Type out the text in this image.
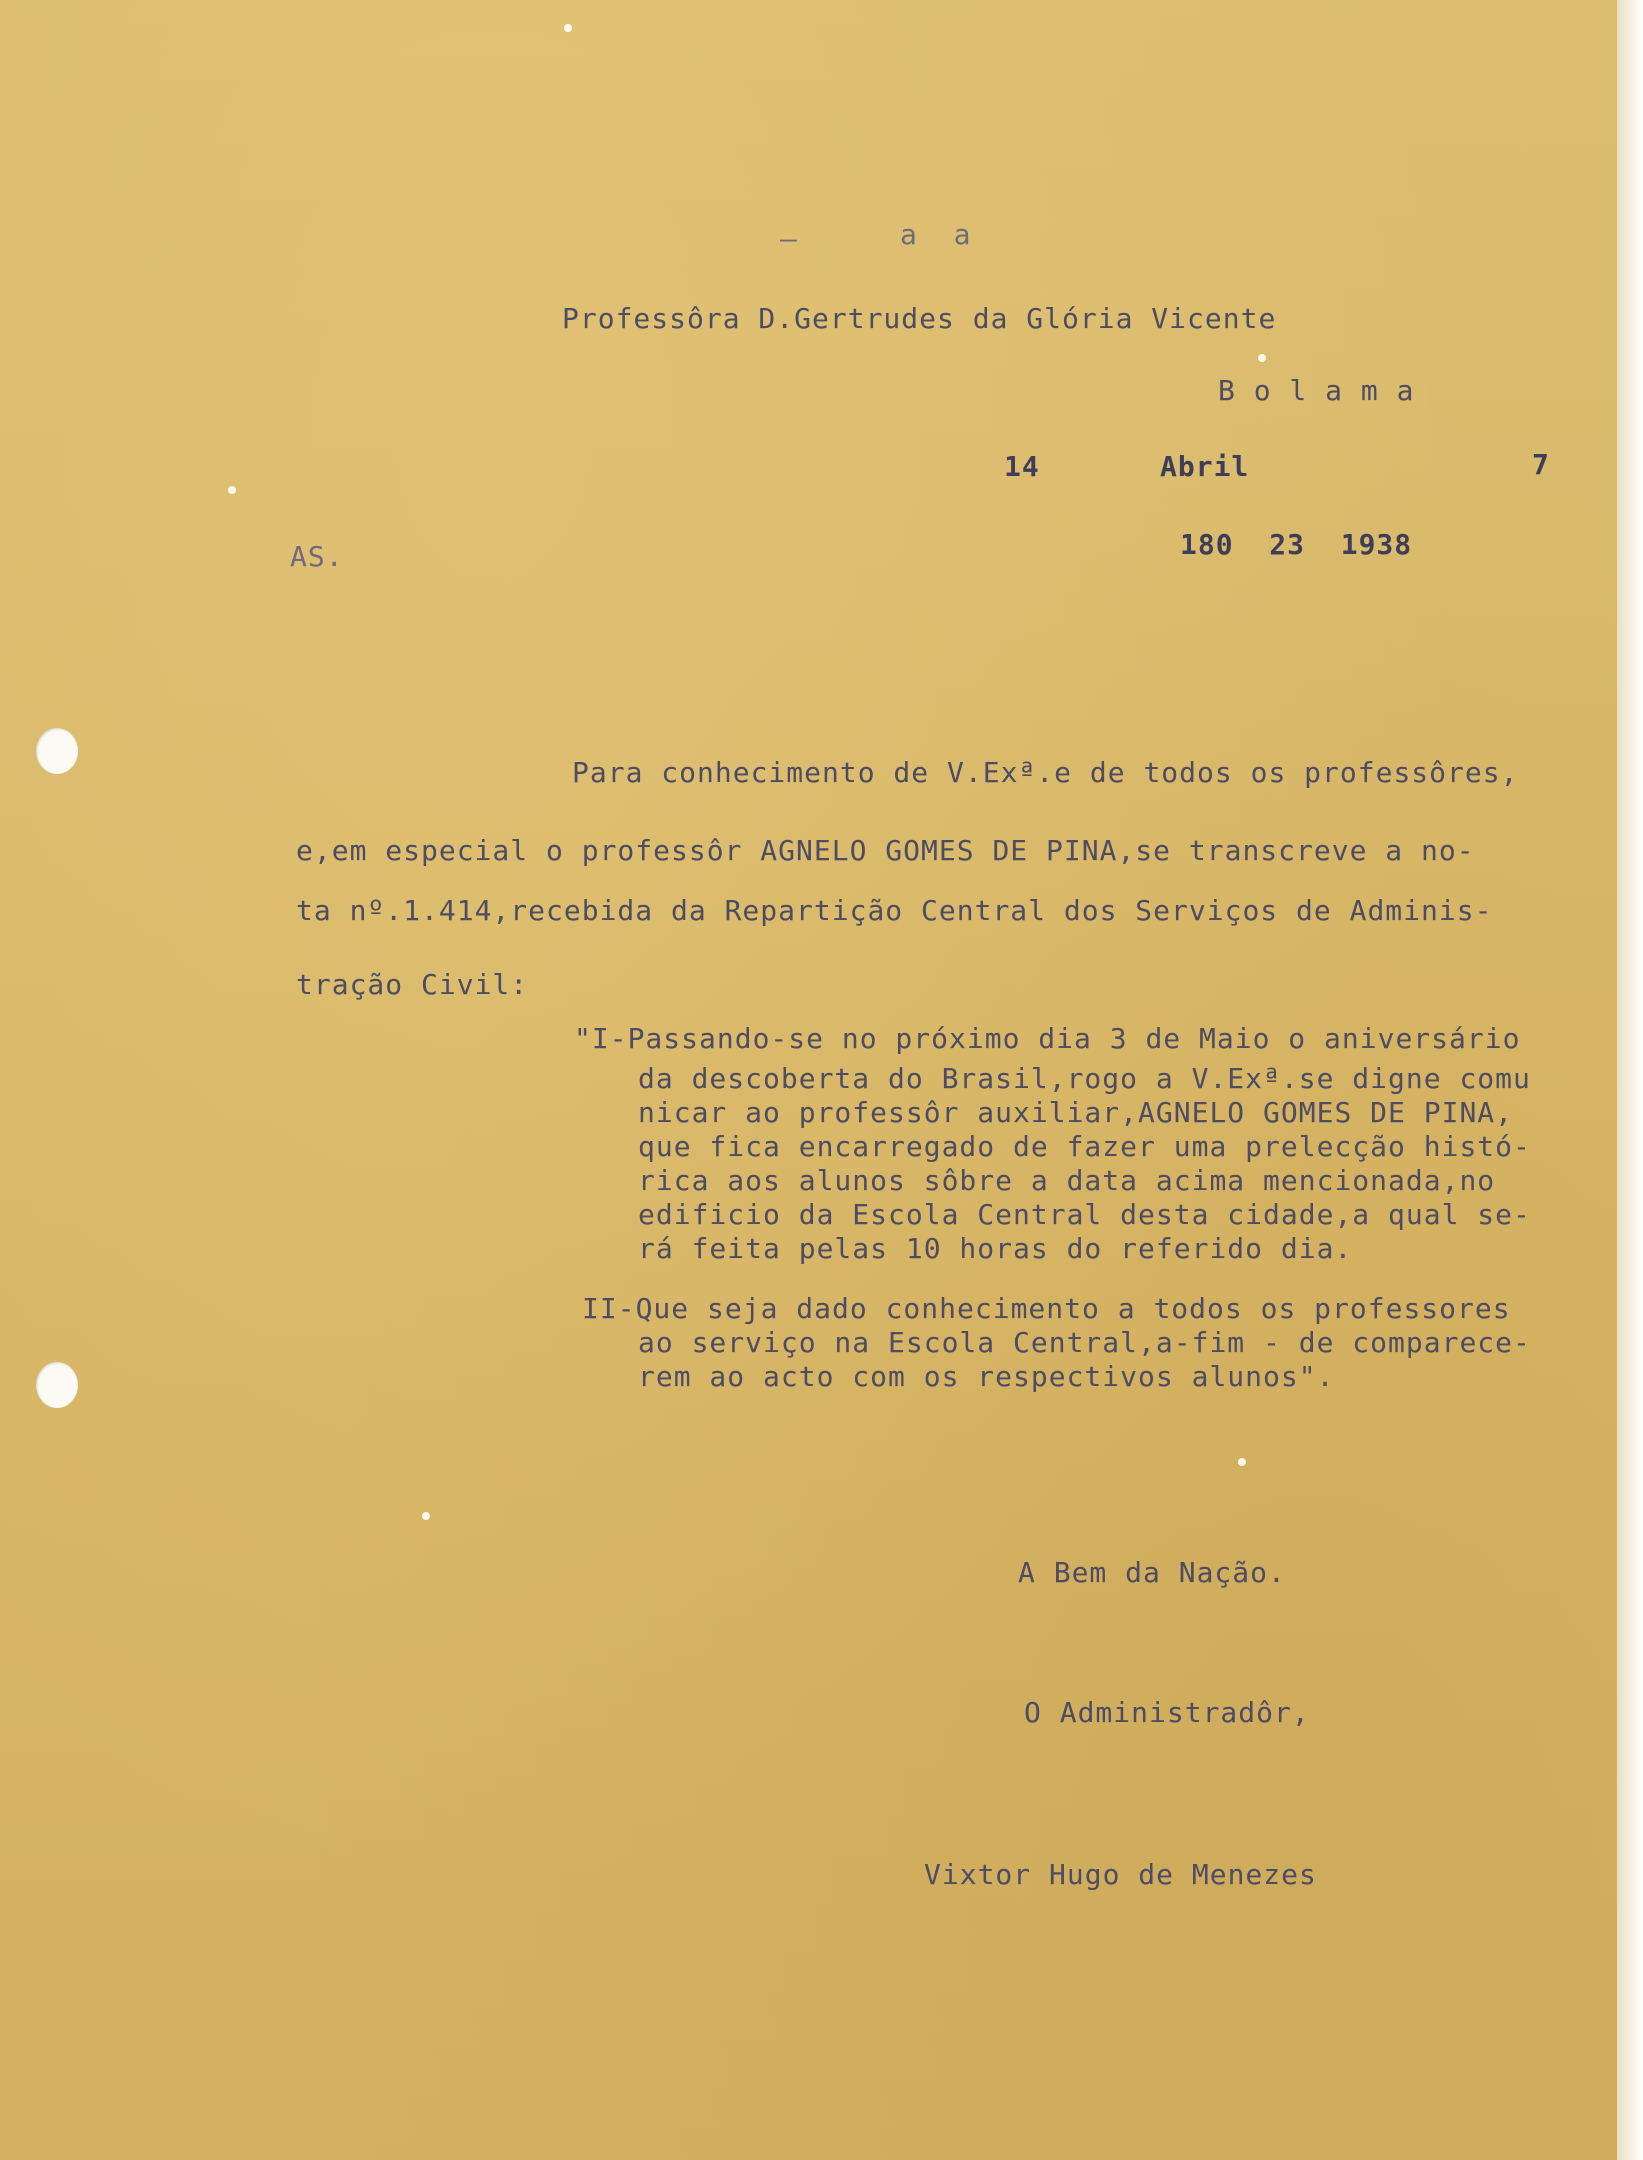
–	a  a
Professôra D.Gertrudes da Glória Vicente
B o l a m a
14	Abril	7
AS.	180  23  1938
Para conhecimento de V.Exª.e de todos os professôres,
e,em especial o professôr AGNELO GOMES DE PINA,se transcreve a no-
ta nº.1.414,recebida da Repartição Central dos Serviços de Adminis-
tração Civil:
"I-Passando-se no próximo dia 3 de Maio o aniversário
da descoberta do Brasil,rogo a V.Exª.se digne comu
nicar ao professôr auxiliar,AGNELO GOMES DE PINA,
que fica encarregado de fazer uma prelecção histó-
rica aos alunos sôbre a data acima mencionada,no
edificio da Escola Central desta cidade,a qual se-
rá feita pelas 10 horas do referido dia.
II-Que seja dado conhecimento a todos os professores
ao serviço na Escola Central,a-fim - de comparece-
rem ao acto com os respectivos alunos".
A Bem da Nação.
O Administradôr,
Vixtor Hugo de Menezes
